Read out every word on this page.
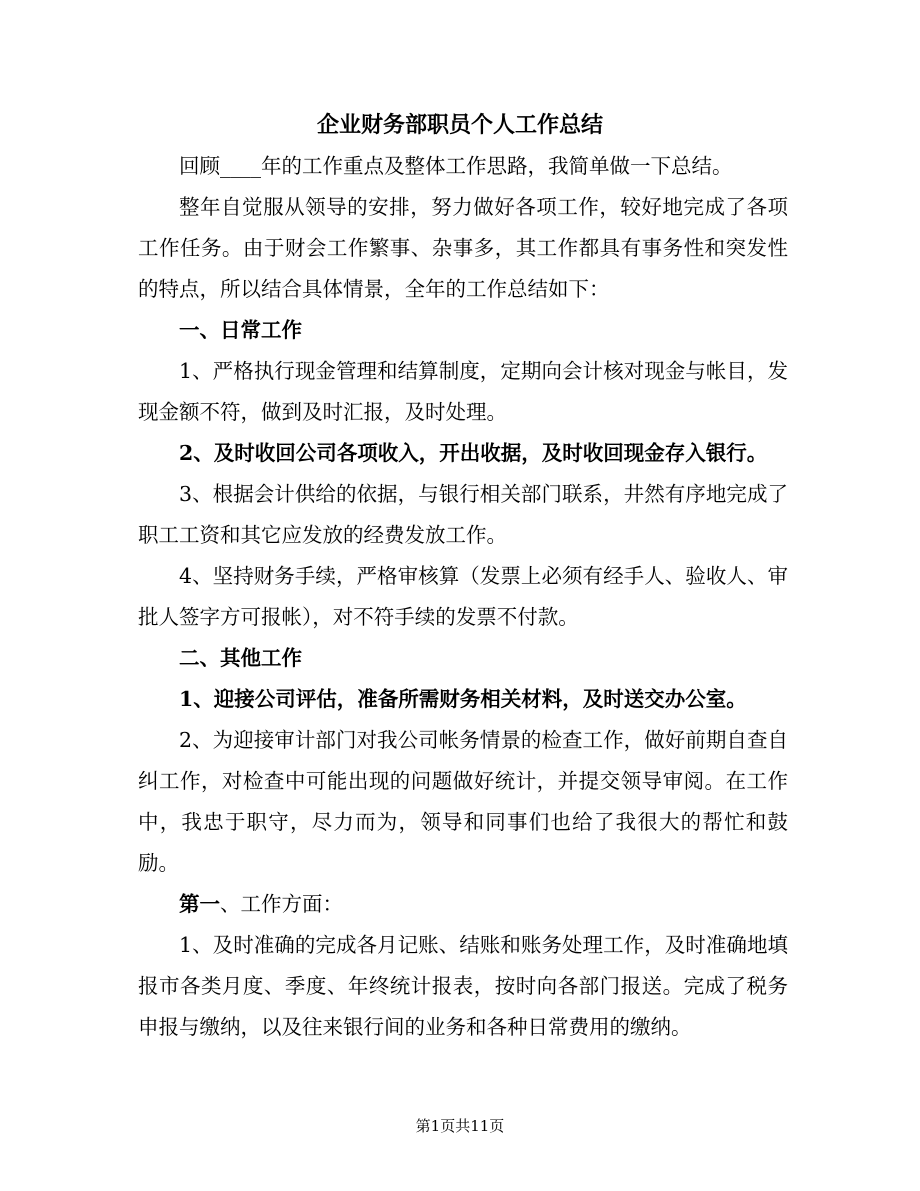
企业财务部职员个人工作总结

回顾____年的工作重点及整体工作思路，我简单做一下总结。

整年自觉服从领导的安排，努力做好各项工作，较好地完成了各项工作任务。由于财会工作繁事、杂事多，其工作都具有事务性和突发性的特点，所以结合具体情景，全年的工作总结如下：

一、日常工作

1、严格执行现金管理和结算制度，定期向会计核对现金与帐目，发现金额不符，做到及时汇报，及时处理。

2、及时收回公司各项收入，开出收据，及时收回现金存入银行。

3、根据会计供给的依据，与银行相关部门联系，井然有序地完成了职工工资和其它应发放的经费发放工作。

4、坚持财务手续，严格审核算（发票上必须有经手人、验收人、审批人签字方可报帐），对不符手续的发票不付款。

二、其他工作

1、迎接公司评估，准备所需财务相关材料，及时送交办公室。

2、为迎接审计部门对我公司帐务情景的检查工作，做好前期自查自纠工作，对检查中可能出现的问题做好统计，并提交领导审阅。在工作中，我忠于职守，尽力而为，领导和同事们也给了我很大的帮忙和鼓励。

第一、工作方面：

1、及时准确的完成各月记账、结账和账务处理工作，及时准确地填报市各类月度、季度、年终统计报表，按时向各部门报送。完成了税务申报与缴纳，以及往来银行间的业务和各种日常费用的缴纳。

第1页共11页
